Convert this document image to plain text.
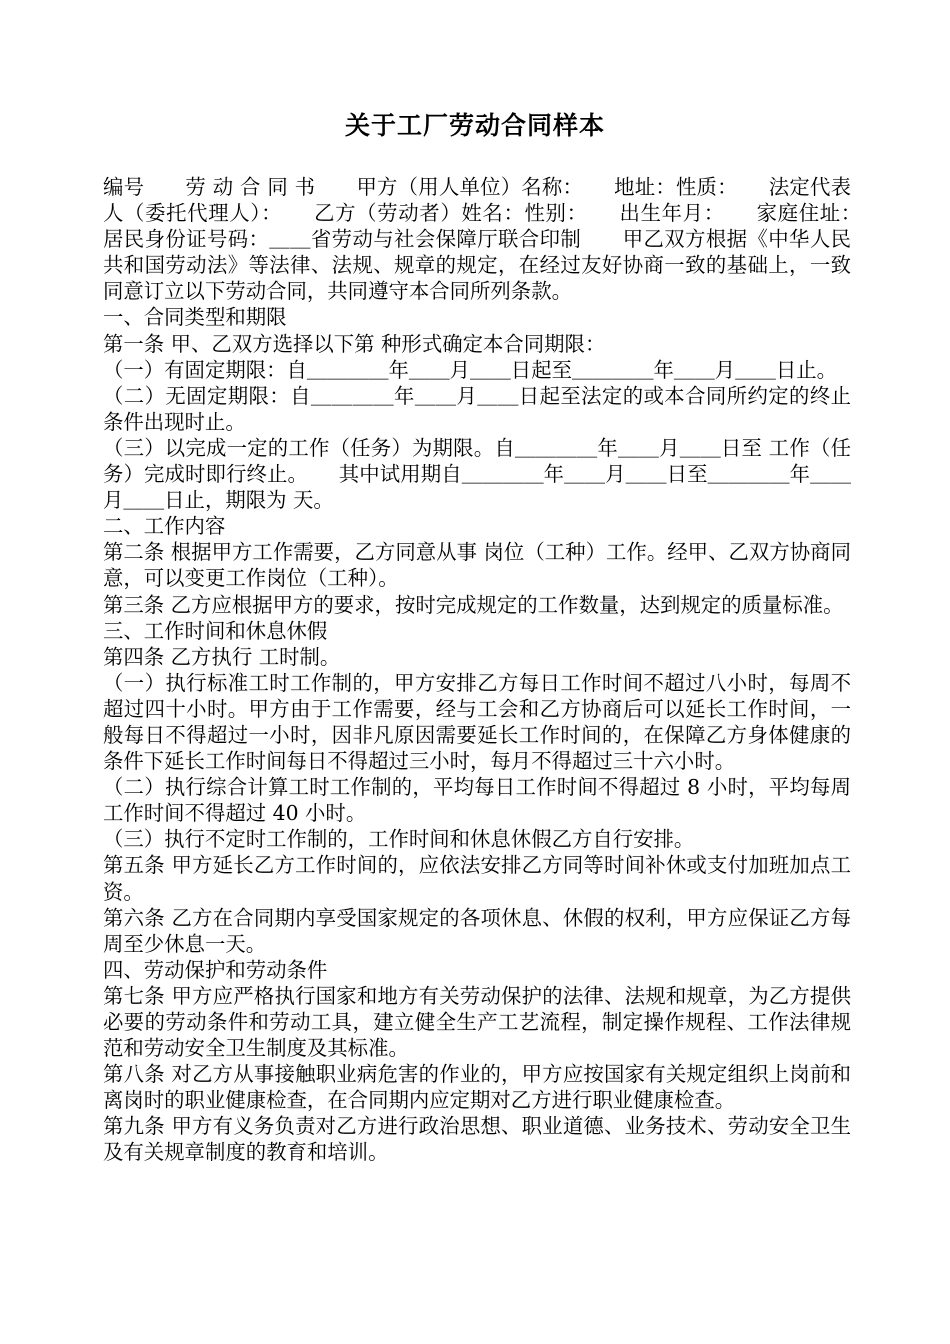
关于工厂劳动合同样本

编号　　劳 动 合 同 书　　甲方（用人单位）名称：　　地址：性质：　　法定代表人（委托代理人）：　　乙方（劳动者）姓名：性别：　　出生年月：　　家庭住址：　　居民身份证号码：＿＿省劳动与社会保障厅联合印制　　甲乙双方根据《中华人民共和国劳动法》等法律、法规、规章的规定，在经过友好协商一致的基础上，一致同意订立以下劳动合同，共同遵守本合同所列条款。

一、合同类型和期限

第一条 甲、乙双方选择以下第 种形式确定本合同期限：

（一）有固定期限：自＿＿＿＿年＿＿月＿＿日起至＿＿＿＿年＿＿月＿＿日止。

（二）无固定期限：自＿＿＿＿年＿＿月＿＿日起至法定的或本合同所约定的终止条件出现时止。

（三）以完成一定的工作（任务）为期限。自＿＿＿＿年＿＿月＿＿日至 工作（任务）完成时即行终止。　　其中试用期自＿＿＿＿年＿＿月＿＿日至＿＿＿＿年＿＿月＿＿日止，期限为 天。

二、工作内容

第二条 根据甲方工作需要，乙方同意从事 岗位（工种）工作。经甲、乙双方协商同意，可以变更工作岗位（工种）。

第三条 乙方应根据甲方的要求，按时完成规定的工作数量，达到规定的质量标准。

三、工作时间和休息休假

第四条 乙方执行 工时制。

（一）执行标准工时工作制的，甲方安排乙方每日工作时间不超过八小时，每周不超过四十小时。甲方由于工作需要，经与工会和乙方协商后可以延长工作时间，一般每日不得超过一小时，因非凡原因需要延长工作时间的，在保障乙方身体健康的条件下延长工作时间每日不得超过三小时，每月不得超过三十六小时。

（二）执行综合计算工时工作制的，平均每日工作时间不得超过 8 小时，平均每周工作时间不得超过 40 小时。

（三）执行不定时工作制的，工作时间和休息休假乙方自行安排。

第五条 甲方延长乙方工作时间的，应依法安排乙方同等时间补休或支付加班加点工资。

第六条 乙方在合同期内享受国家规定的各项休息、休假的权利，甲方应保证乙方每周至少休息一天。

四、劳动保护和劳动条件

第七条 甲方应严格执行国家和地方有关劳动保护的法律、法规和规章，为乙方提供必要的劳动条件和劳动工具，建立健全生产工艺流程，制定操作规程、工作法律规范和劳动安全卫生制度及其标准。

第八条 对乙方从事接触职业病危害的作业的，甲方应按国家有关规定组织上岗前和离岗时的职业健康检查，在合同期内应定期对乙方进行职业健康检查。

第九条 甲方有义务负责对乙方进行政治思想、职业道德、业务技术、劳动安全卫生及有关规章制度的教育和培训。
